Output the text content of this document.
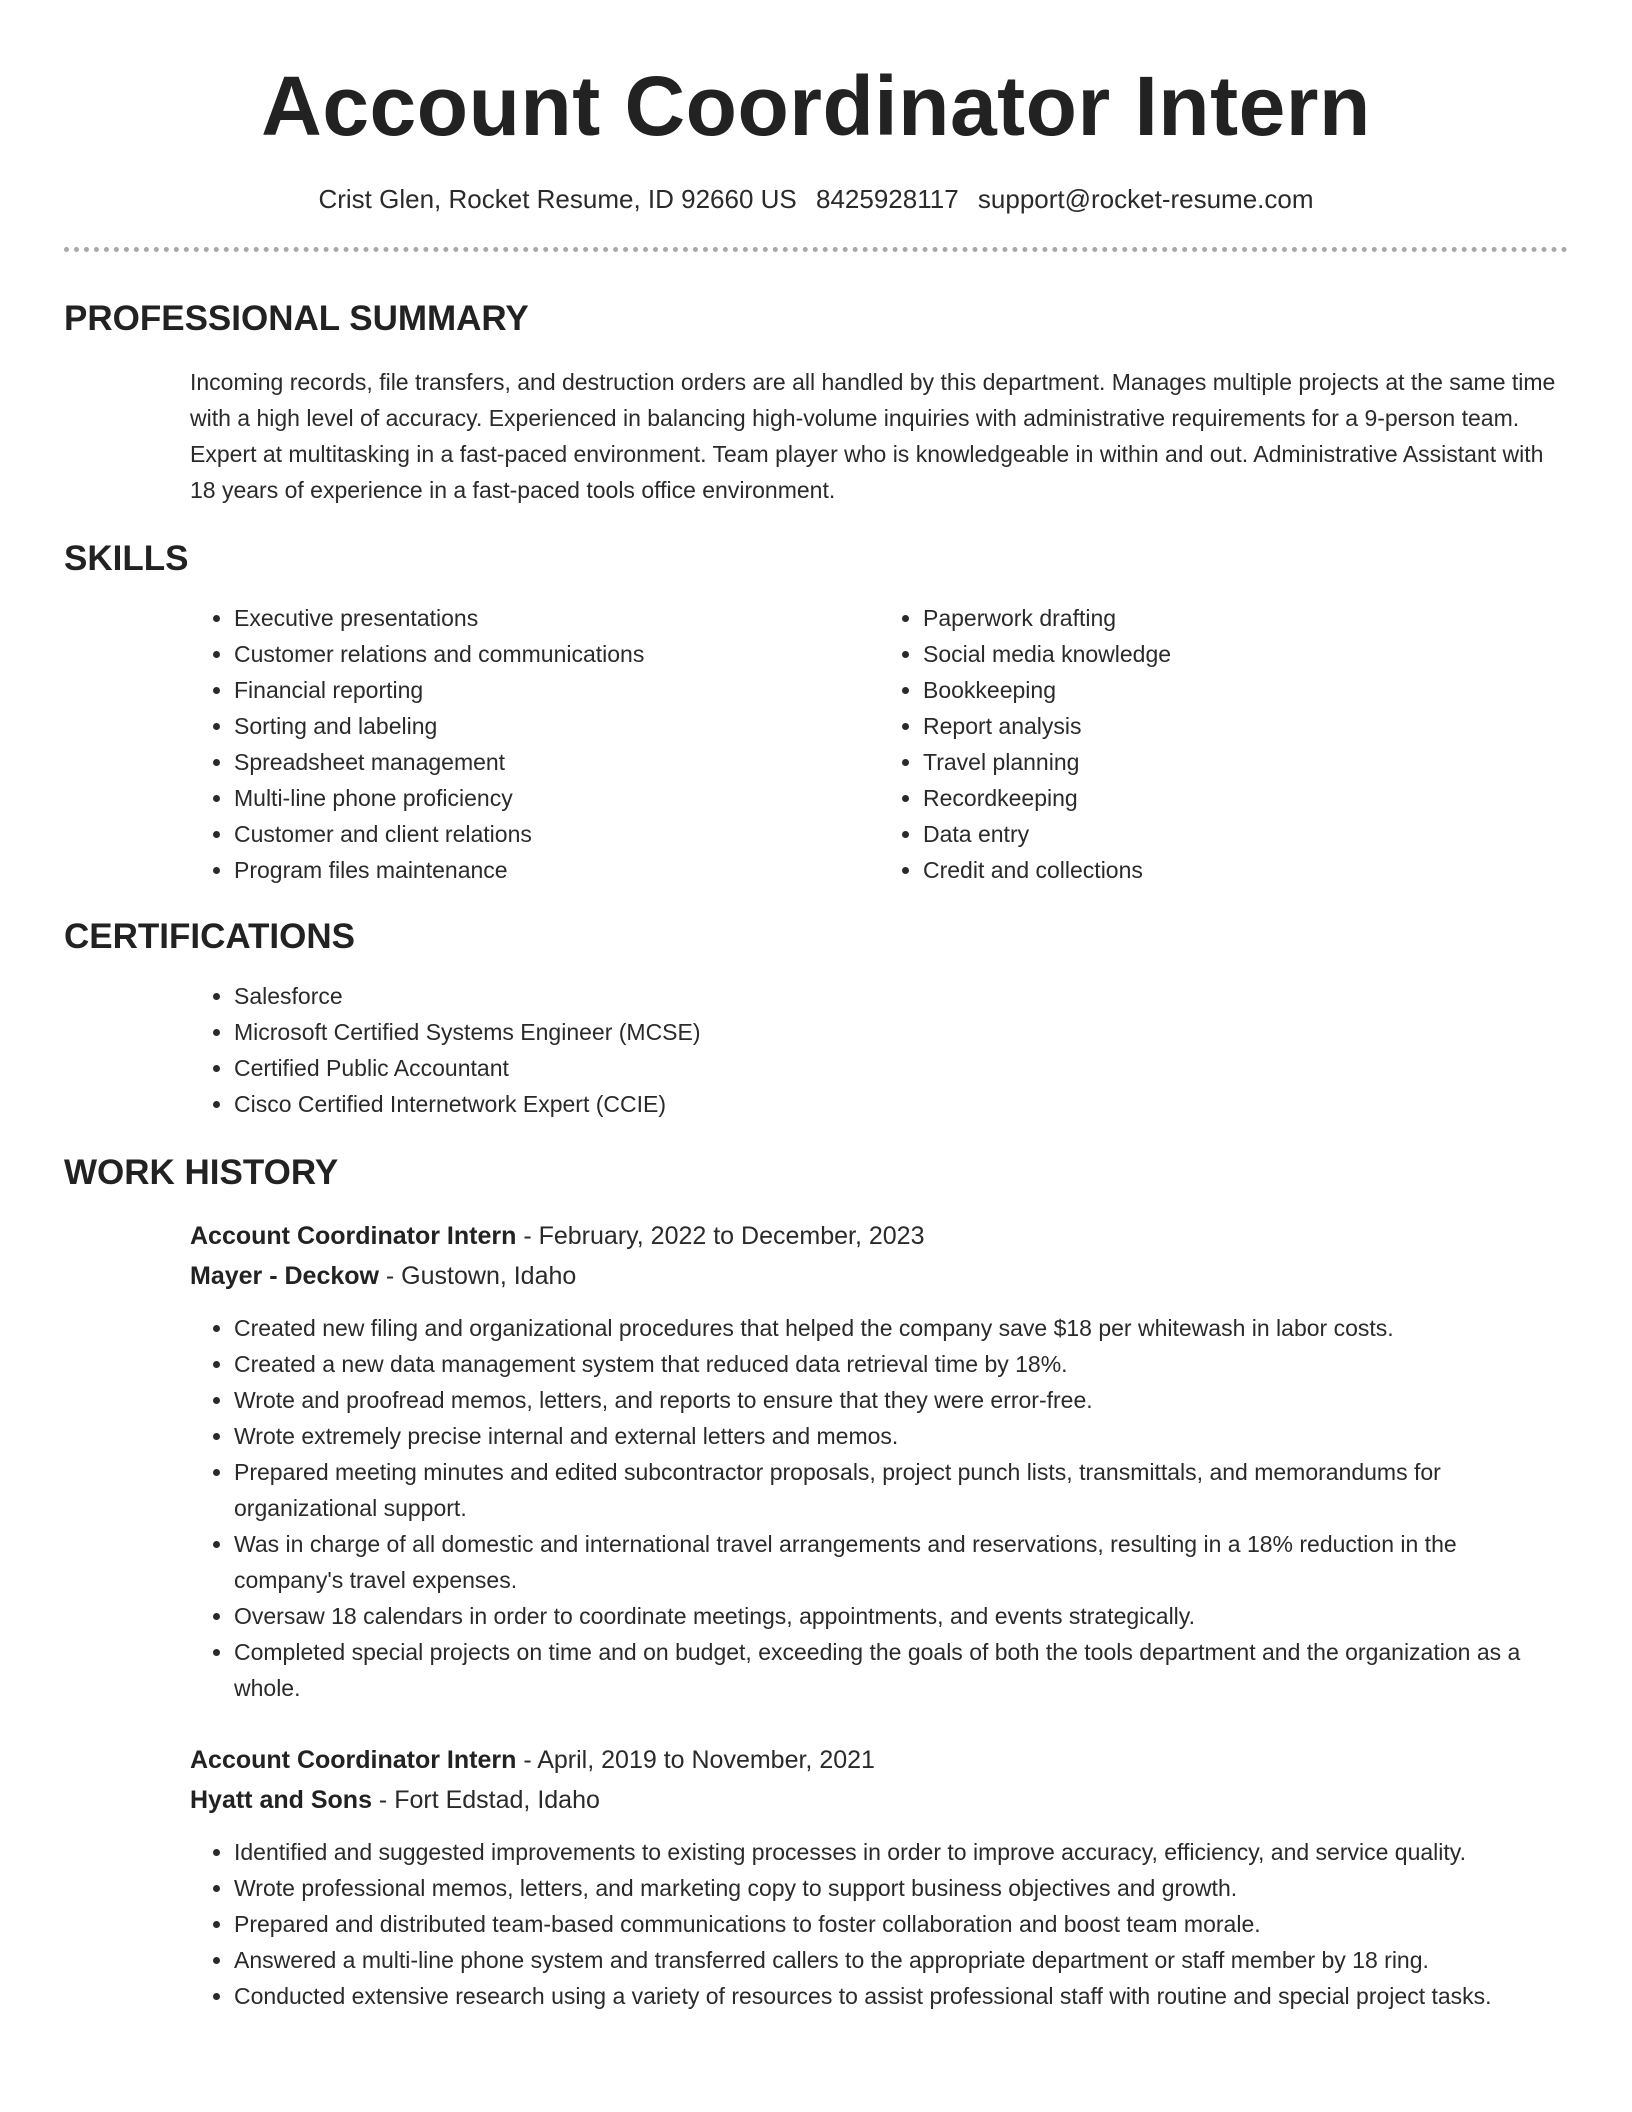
Account Coordinator Intern
Crist Glen, Rocket Resume, ID 92660 US 8425928117 support@rocket-resume.com
PROFESSIONAL SUMMARY

Incoming records, file transfers, and destruction orders are all handled by this department. Manages multiple projects at the same time with a high level of accuracy. Experienced in balancing high-volume inquiries with administrative requirements for a 9-person team. Expert at multitasking in a fast-paced environment. Team player who is knowledgeable in within and out. Administrative Assistant with 18 years of experience in a fast-paced tools office environment.

SKILLS
• Executive presentations
• Customer relations and communications
• Financial reporting
• Sorting and labeling
• Spreadsheet management
• Multi-line phone proficiency
• Customer and client relations
• Program files maintenance
• Paperwork drafting
• Social media knowledge
• Bookkeeping
• Report analysis
• Travel planning
• Recordkeeping
• Data entry
• Credit and collections
CERTIFICATIONS
• Salesforce
• Microsoft Certified Systems Engineer (MCSE)
• Certified Public Accountant
• Cisco Certified Internetwork Expert (CCIE)
WORK HISTORY
Account Coordinator Intern - February, 2022 to December, 2023
Mayer - Deckow - Gustown, Idaho
• Created new filing and organizational procedures that helped the company save $18 per whitewash in labor costs.
• Created a new data management system that reduced data retrieval time by 18%.
• Wrote and proofread memos, letters, and reports to ensure that they were error-free.
• Wrote extremely precise internal and external letters and memos.
• Prepared meeting minutes and edited subcontractor proposals, project punch lists, transmittals, and memorandums for organizational support.
• Was in charge of all domestic and international travel arrangements and reservations, resulting in a 18% reduction in the company's travel expenses.
• Oversaw 18 calendars in order to coordinate meetings, appointments, and events strategically.
• Completed special projects on time and on budget, exceeding the goals of both the tools department and the organization as a whole.
Account Coordinator Intern - April, 2019 to November, 2021
Hyatt and Sons - Fort Edstad, Idaho
• Identified and suggested improvements to existing processes in order to improve accuracy, efficiency, and service quality.
• Wrote professional memos, letters, and marketing copy to support business objectives and growth.
• Prepared and distributed team-based communications to foster collaboration and boost team morale.
• Answered a multi-line phone system and transferred callers to the appropriate department or staff member by 18 ring.
• Conducted extensive research using a variety of resources to assist professional staff with routine and special project tasks.
